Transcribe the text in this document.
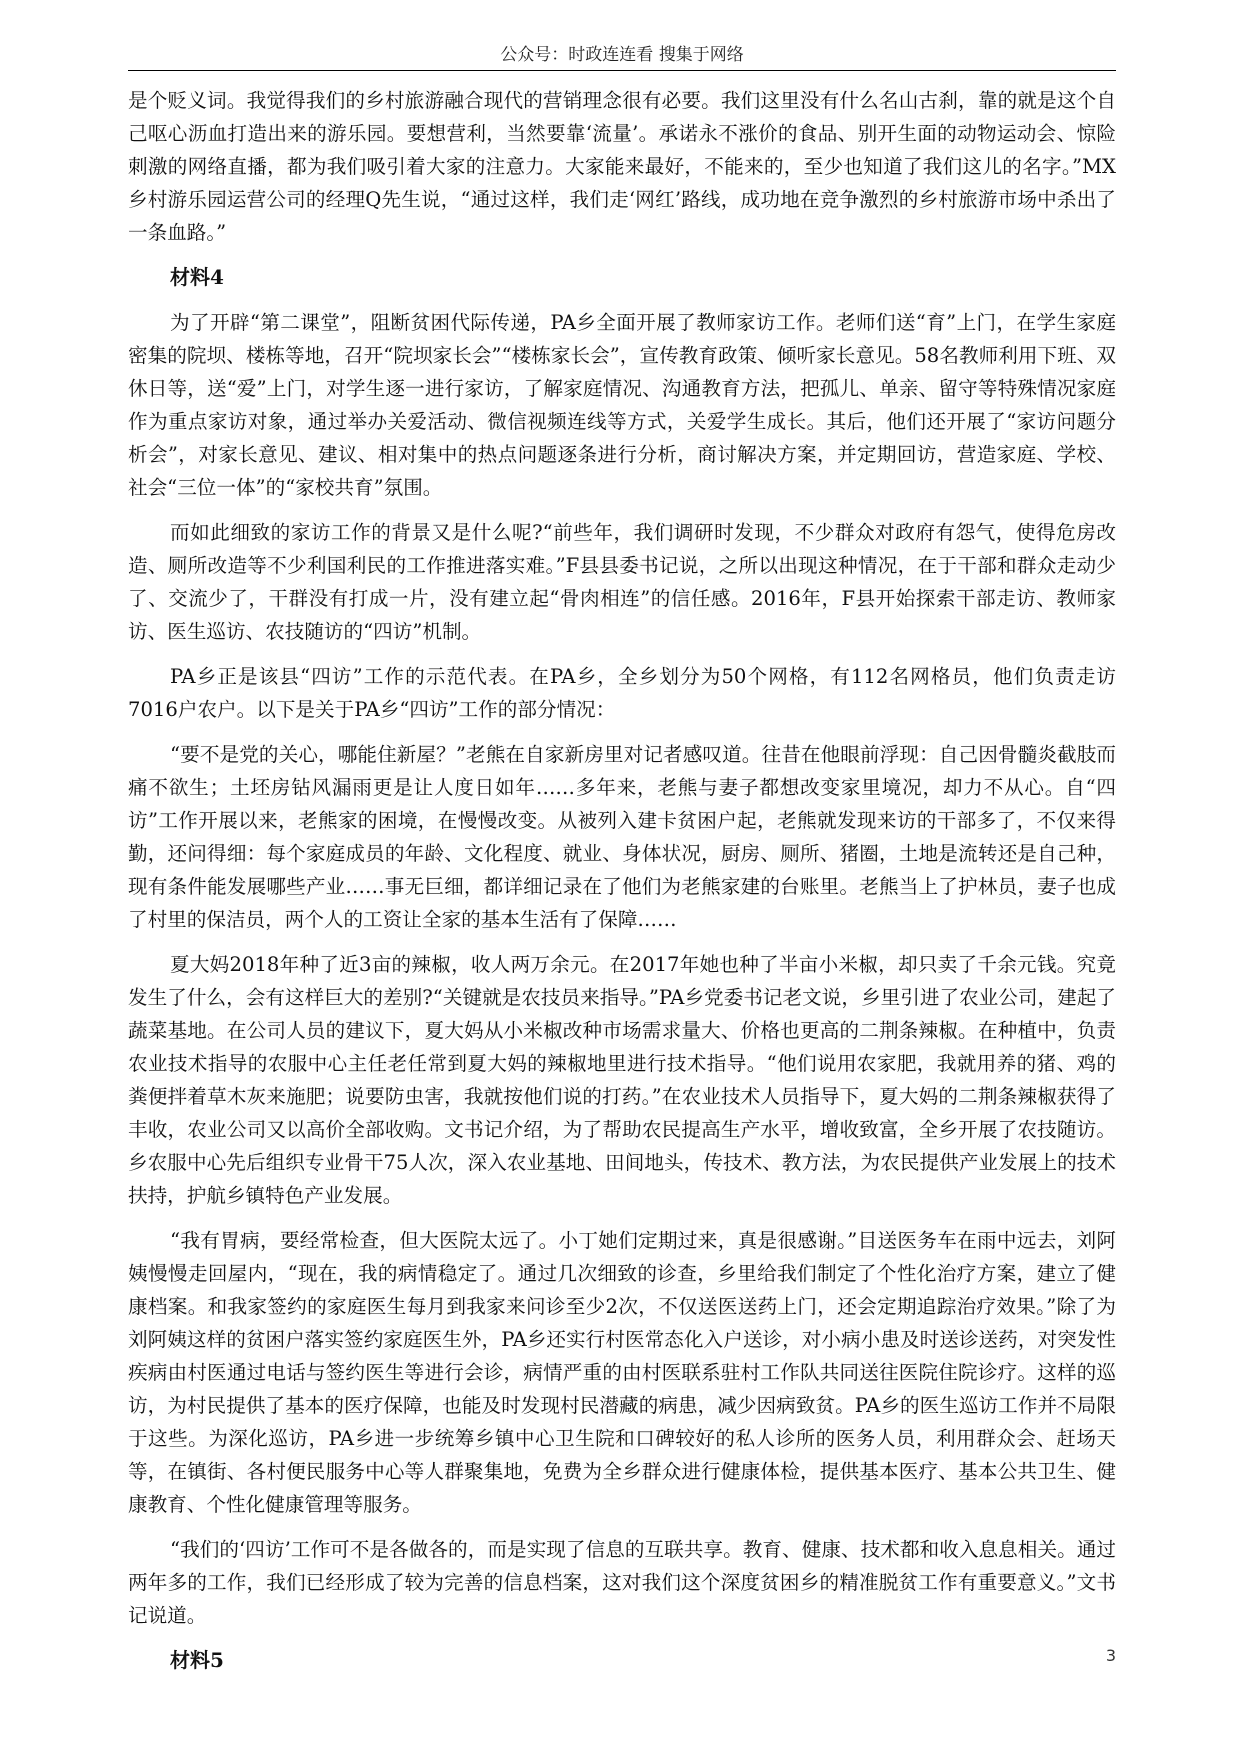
公众号：时政连连看 搜集于网络

是个贬义词。我觉得我们的乡村旅游融合现代的营销理念很有必要。我们这里没有什么名山古刹，靠的就是这个自己呕心沥血打造出来的游乐园。要想营利，当然要靠‘流量’。承诺永不涨价的食品、别开生面的动物运动会、惊险刺激的网络直播，都为我们吸引着大家的注意力。大家能来最好，不能来的，至少也知道了我们这儿的名字。”MX乡村游乐园运营公司的经理Q先生说，“通过这样，我们走‘网红’路线，成功地在竞争激烈的乡村旅游市场中杀出了一条血路。”

材料4

为了开辟“第二课堂”，阻断贫困代际传递，PA乡全面开展了教师家访工作。老师们送“育”上门，在学生家庭密集的院坝、楼栋等地，召开“院坝家长会”“楼栋家长会”，宣传教育政策、倾听家长意见。58名教师利用下班、双休日等，送“爱”上门，对学生逐一进行家访，了解家庭情况、沟通教育方法，把孤儿、单亲、留守等特殊情况家庭作为重点家访对象，通过举办关爱活动、微信视频连线等方式，关爱学生成长。其后，他们还开展了“家访问题分析会”，对家长意见、建议、相对集中的热点问题逐条进行分析，商讨解决方案，并定期回访，营造家庭、学校、社会“三位一体”的“家校共育”氛围。

而如此细致的家访工作的背景又是什么呢?“前些年，我们调研时发现，不少群众对政府有怨气，使得危房改造、厕所改造等不少利国利民的工作推进落实难。”F县县委书记说，之所以出现这种情况，在于干部和群众走动少了、交流少了，干群没有打成一片，没有建立起“骨肉相连”的信任感。2016年，F县开始探索干部走访、教师家访、医生巡访、农技随访的“四访”机制。

PA乡正是该县“四访”工作的示范代表。在PA乡，全乡划分为50个网格，有112名网格员，他们负责走访7016户农户。以下是关于PA乡“四访”工作的部分情况：

“要不是党的关心，哪能住新屋？”老熊在自家新房里对记者感叹道。往昔在他眼前浮现：自己因骨髓炎截肢而痛不欲生；土坯房钻风漏雨更是让人度日如年……多年来，老熊与妻子都想改变家里境况，却力不从心。自“四访”工作开展以来，老熊家的困境，在慢慢改变。从被列入建卡贫困户起，老熊就发现来访的干部多了，不仅来得勤，还问得细：每个家庭成员的年龄、文化程度、就业、身体状况，厨房、厕所、猪圈，土地是流转还是自己种，现有条件能发展哪些产业……事无巨细，都详细记录在了他们为老熊家建的台账里。老熊当上了护林员，妻子也成了村里的保洁员，两个人的工资让全家的基本生活有了保障……

夏大妈2018年种了近3亩的辣椒，收人两万余元。在2017年她也种了半亩小米椒，却只卖了千余元钱。究竟发生了什么，会有这样巨大的差别?“关键就是农技员来指导。”PA乡党委书记老文说，乡里引进了农业公司，建起了蔬菜基地。在公司人员的建议下，夏大妈从小米椒改种市场需求量大、价格也更高的二荆条辣椒。在种植中，负责农业技术指导的农服中心主任老任常到夏大妈的辣椒地里进行技术指导。“他们说用农家肥，我就用养的猪、鸡的粪便拌着草木灰来施肥；说要防虫害，我就按他们说的打药。”在农业技术人员指导下，夏大妈的二荆条辣椒获得了丰收，农业公司又以高价全部收购。文书记介绍，为了帮助农民提高生产水平，增收致富，全乡开展了农技随访。乡农服中心先后组织专业骨干75人次，深入农业基地、田间地头，传技术、教方法，为农民提供产业发展上的技术扶持，护航乡镇特色产业发展。

“我有胃病，要经常检查，但大医院太远了。小丁她们定期过来，真是很感谢。”目送医务车在雨中远去，刘阿姨慢慢走回屋内，“现在，我的病情稳定了。通过几次细致的诊查，乡里给我们制定了个性化治疗方案，建立了健康档案。和我家签约的家庭医生每月到我家来问诊至少2次，不仅送医送药上门，还会定期追踪治疗效果。”除了为刘阿姨这样的贫困户落实签约家庭医生外，PA乡还实行村医常态化入户送诊，对小病小患及时送诊送药，对突发性疾病由村医通过电话与签约医生等进行会诊，病情严重的由村医联系驻村工作队共同送往医院住院诊疗。这样的巡访，为村民提供了基本的医疗保障，也能及时发现村民潜藏的病患，减少因病致贫。PA乡的医生巡访工作并不局限于这些。为深化巡访，PA乡进一步统筹乡镇中心卫生院和口碑较好的私人诊所的医务人员，利用群众会、赶场天等，在镇街、各村便民服务中心等人群聚集地，免费为全乡群众进行健康体检，提供基本医疗、基本公共卫生、健康教育、个性化健康管理等服务。

“我们的‘四访’工作可不是各做各的，而是实现了信息的互联共享。教育、健康、技术都和收入息息相关。通过两年多的工作，我们已经形成了较为完善的信息档案，这对我们这个深度贫困乡的精准脱贫工作有重要意义。”文书记说道。

材料5	3
